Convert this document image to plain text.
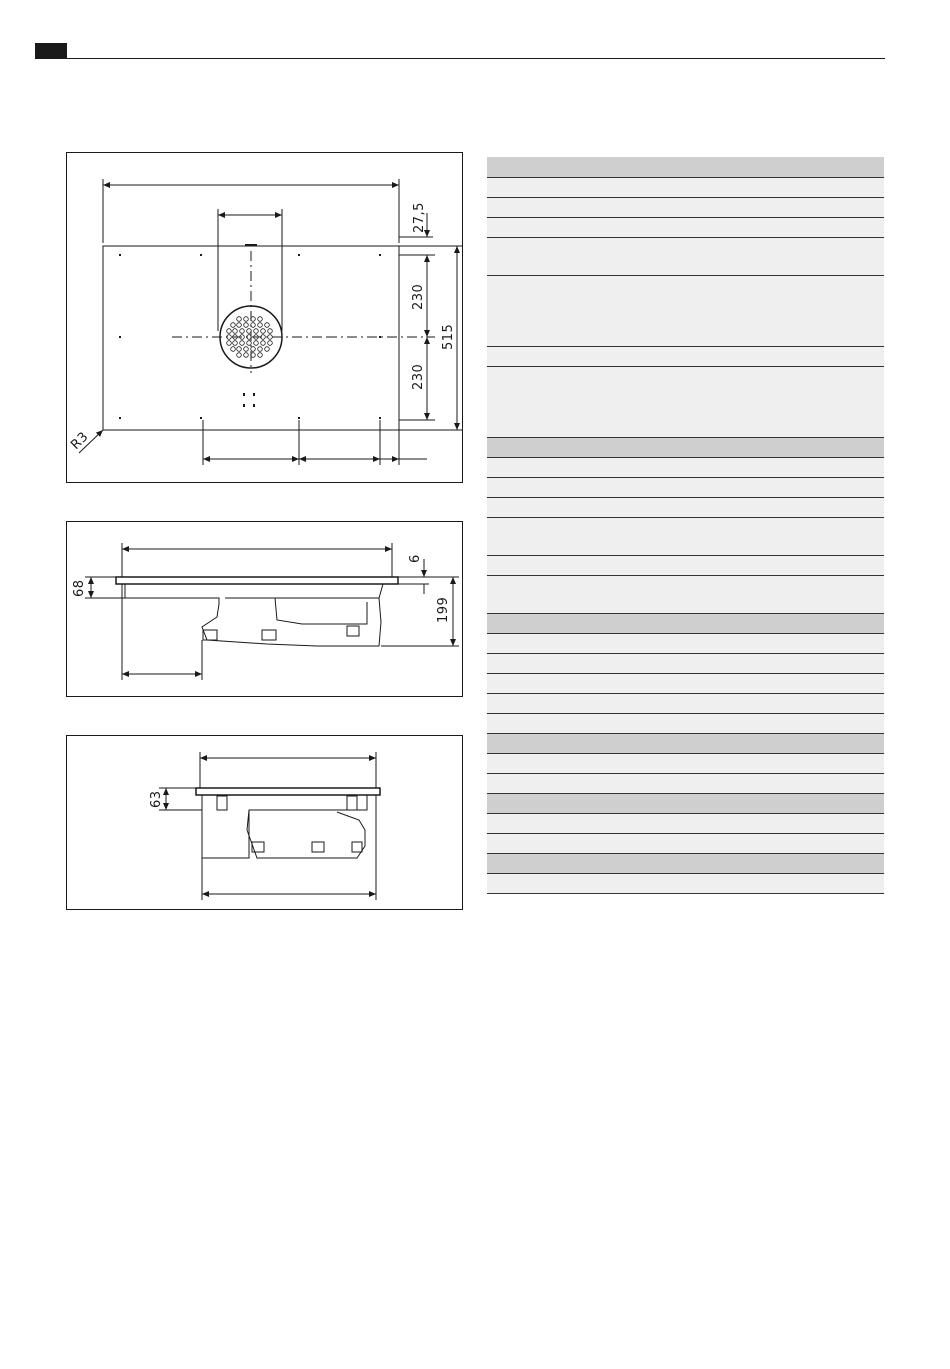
27,5
230
230
515
R3
68
6
199
63
